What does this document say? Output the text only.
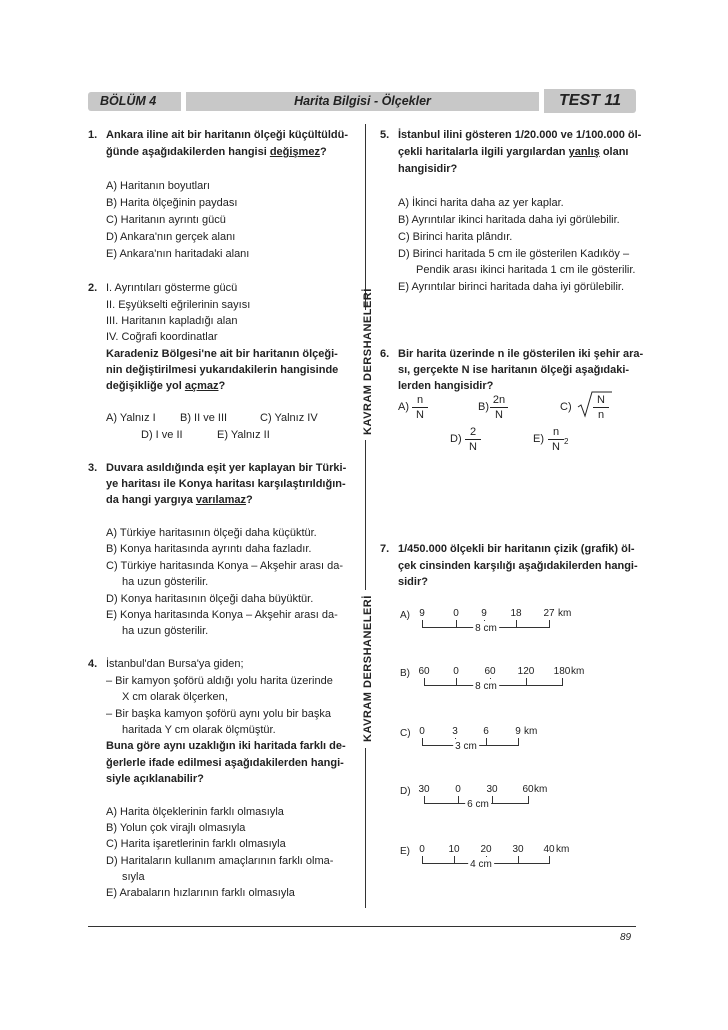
BÖLÜM 4	Harita Bilgisi - Ölçekler	TEST 11
KAVRAM DERSHANELERİ
KAVRAM DERSHANELERİ
1. Ankara iline ait bir haritanın ölçeği küçültüldü-
ğünde aşağıdakilerden hangisi değişmez?
A) Haritanın boyutları
B) Harita ölçeğinin paydası
C) Haritanın ayrıntı gücü
D) Ankara'nın gerçek alanı
E) Ankara'nın haritadaki alanı
2. I. Ayrıntıları gösterme gücü
II. Eşyükselti eğrilerinin sayısı
III. Haritanın kapladığı alan
IV. Coğrafi koordinatlar
Karadeniz Bölgesi'ne ait bir haritanın ölçeği-
nin değiştirilmesi yukarıdakilerin hangisinde
değişikliğe yol açmaz?
A) Yalnız I B) II ve III	C) Yalnız IV
D) I ve II	E) Yalnız II
3. Duvara asıldığında eşit yer kaplayan bir Türki-
ye haritası ile Konya haritası karşılaştırıldığın-
da hangi yargıya varılamaz?
A) Türkiye haritasının ölçeği daha küçüktür.
B) Konya haritasında ayrıntı daha fazladır.
C) Türkiye haritasında Konya – Akşehir arası da-
ha uzun gösterilir.
D) Konya haritasının ölçeği daha büyüktür.
E) Konya haritasında Konya – Akşehir arası da-
ha uzun gösterilir.
4. İstanbul'dan Bursa'ya giden;
– Bir kamyon şoförü aldığı yolu harita üzerinde
X cm olarak ölçerken,
– Bir başka kamyon şoförü aynı yolu bir başka
haritada Y cm olarak ölçmüştür.
Buna göre aynı uzaklığın iki haritada farklı de-
ğerlerle ifade edilmesi aşağıdakilerden hangi-
siyle açıklanabilir?
A) Harita ölçeklerinin farklı olmasıyla
B) Yolun çok virajlı olmasıyla
C) Harita işaretlerinin farklı olmasıyla
D) Haritaların kullanım amaçlarının farklı olma-
sıyla
E) Arabaların hızlarının farklı olmasıyla
5. İstanbul ilini gösteren 1/20.000 ve 1/100.000 öl-
çekli haritalarla ilgili yargılardan yanlış olanı
hangisidir?
A) İkinci harita daha az yer kaplar.
B) Ayrıntılar ikinci haritada daha iyi görülebilir.
C) Birinci harita plândır.
D) Birinci haritada 5 cm ile gösterilen Kadıköy –
Pendik arası ikinci haritada 1 cm ile gösterilir.
E) Ayrıntılar birinci haritada daha iyi görülebilir.
6. Bir harita üzerinde n ile gösterilen iki şehir ara-
sı, gerçekte N ise haritanın ölçeği aşağıdaki-
lerden hangisidir?
$A) \frac{n}{N}$	$B) \frac{2n}{N}$	$C) \frac{N}{n}$
$D) \frac{2}{N}$	$E) \frac{n}{N} 2$
7. 1/450.000 ölçekli bir haritanın çizik (grafik) öl-
çek cinsinden karşılığı aşağıdakilerden hangi-
sidir?
A) 9	0 9 18 27 km
8 cm
B) 60 0	60 120 180 km
8 cm
C) 0	3	6	9 km
3 cm
D) 30	0	30 60 km
6 cm
E) 0 10 20 30 40 km
4 cm
89
